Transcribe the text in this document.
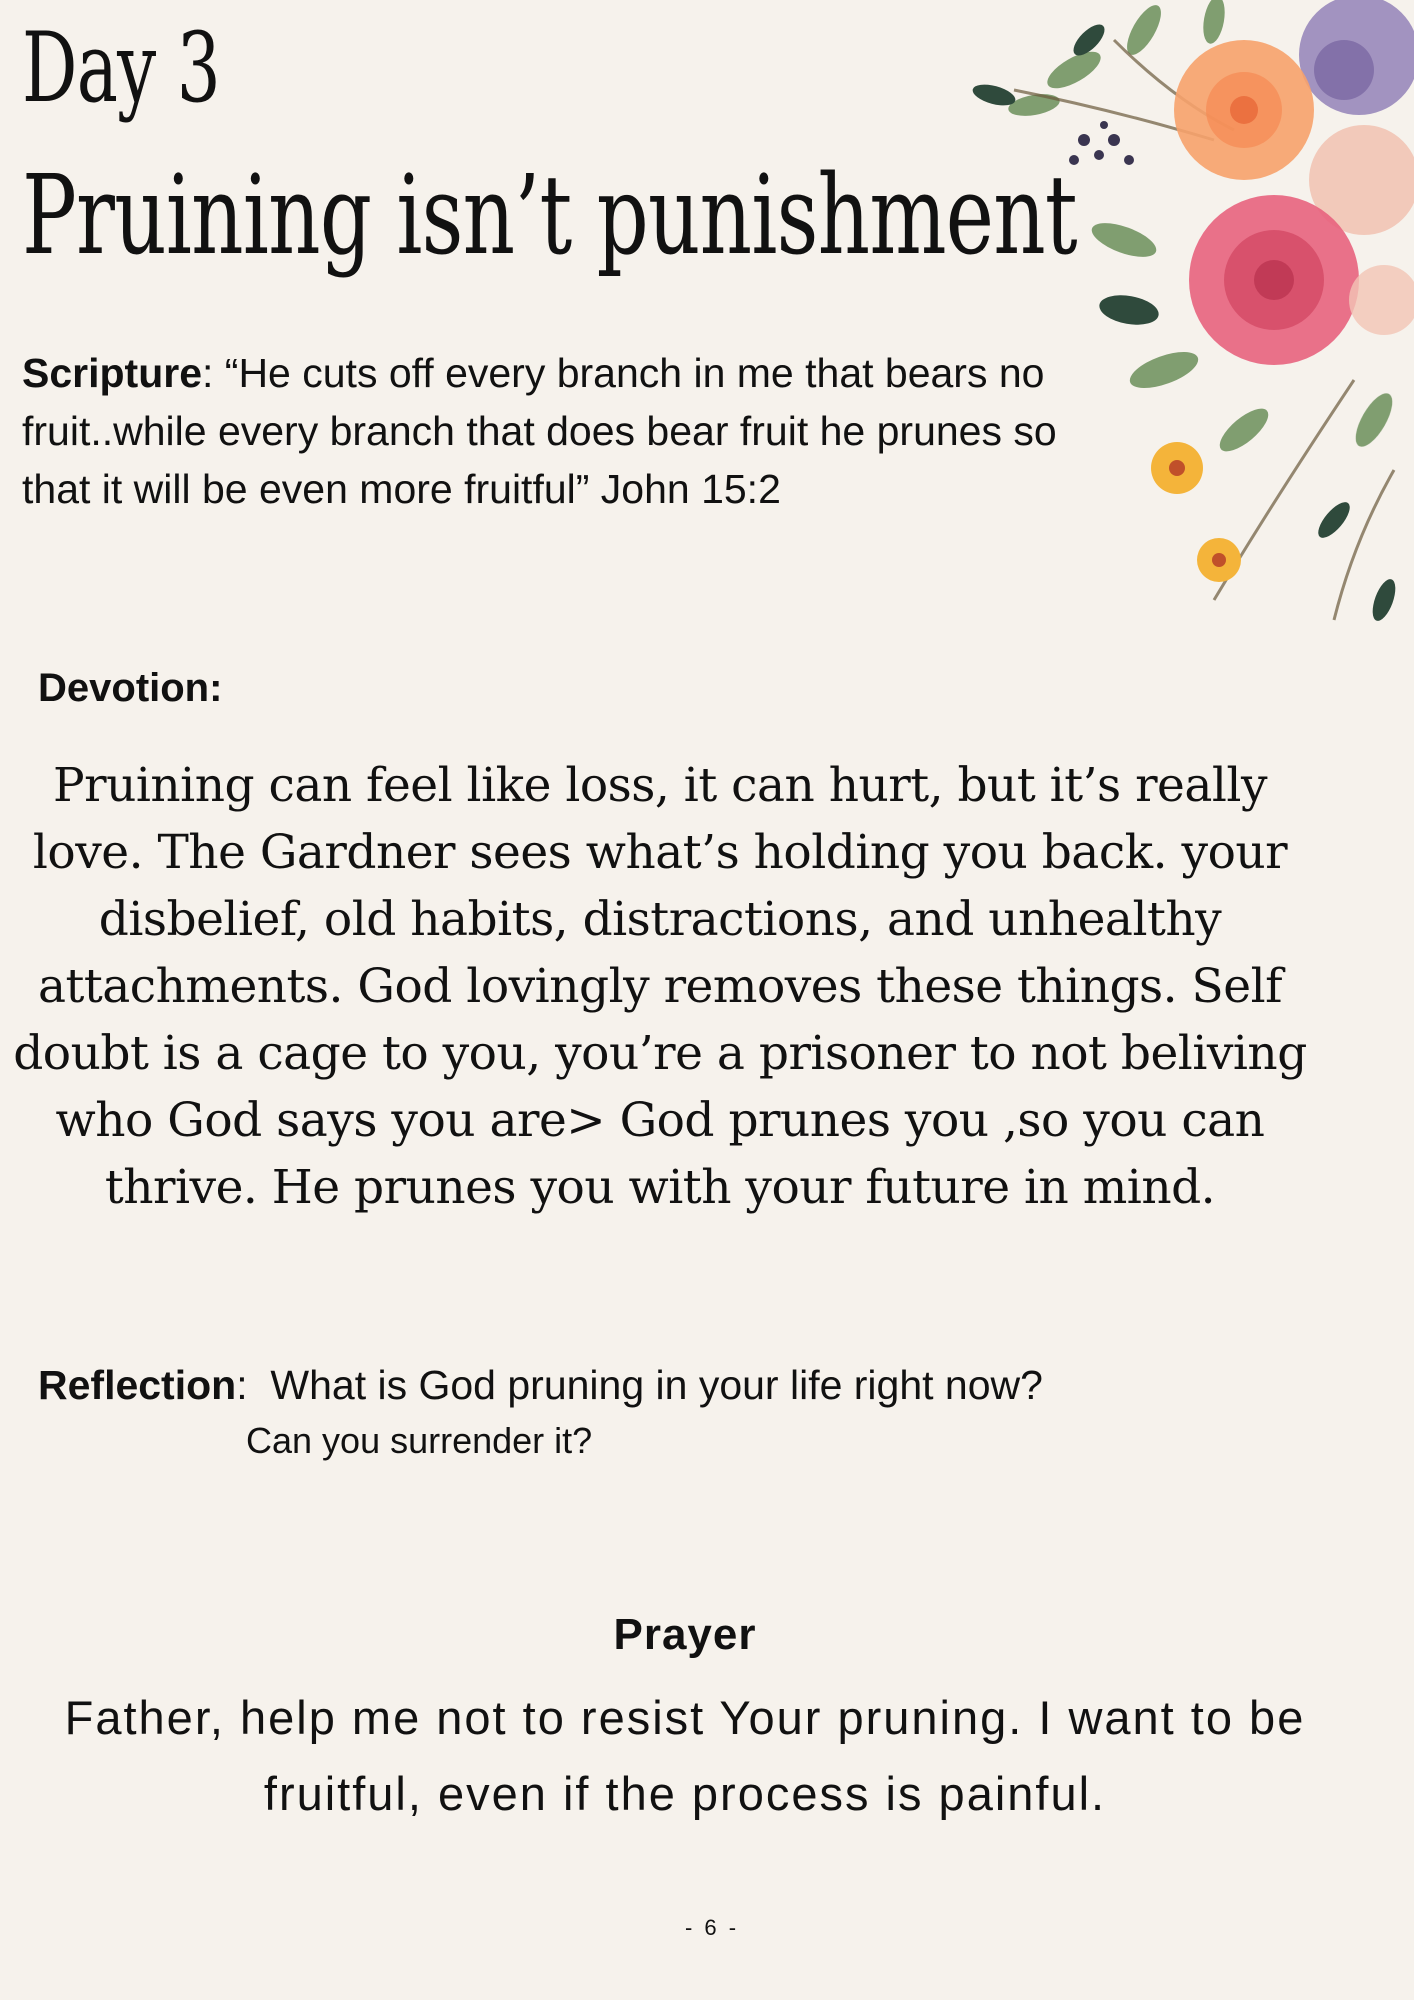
Day 3
Pruining isn’t punishment
Scripture: “He cuts off every branch in me that bears no
fruit..while every branch that does bear fruit he prunes so
that it will be even more fruitful” John 15:2
Devotion:
Pruining can feel like loss, it can hurt, but it’s really
love. The Gardner sees what’s holding you back. your
disbelief, old habits, distractions, and unhealthy
attachments. God lovingly removes these things. Self
doubt is a cage to you, you’re a prisoner to not beliving
who God says you are> God prunes you ,so you can
thrive. He prunes you with your future in mind.
Reflection:  What is God pruning in your life right now?
Can you surrender it?
Prayer
Father, help me not to resist Your pruning. I want to be
fruitful, even if the process is painful.
- 6 -
